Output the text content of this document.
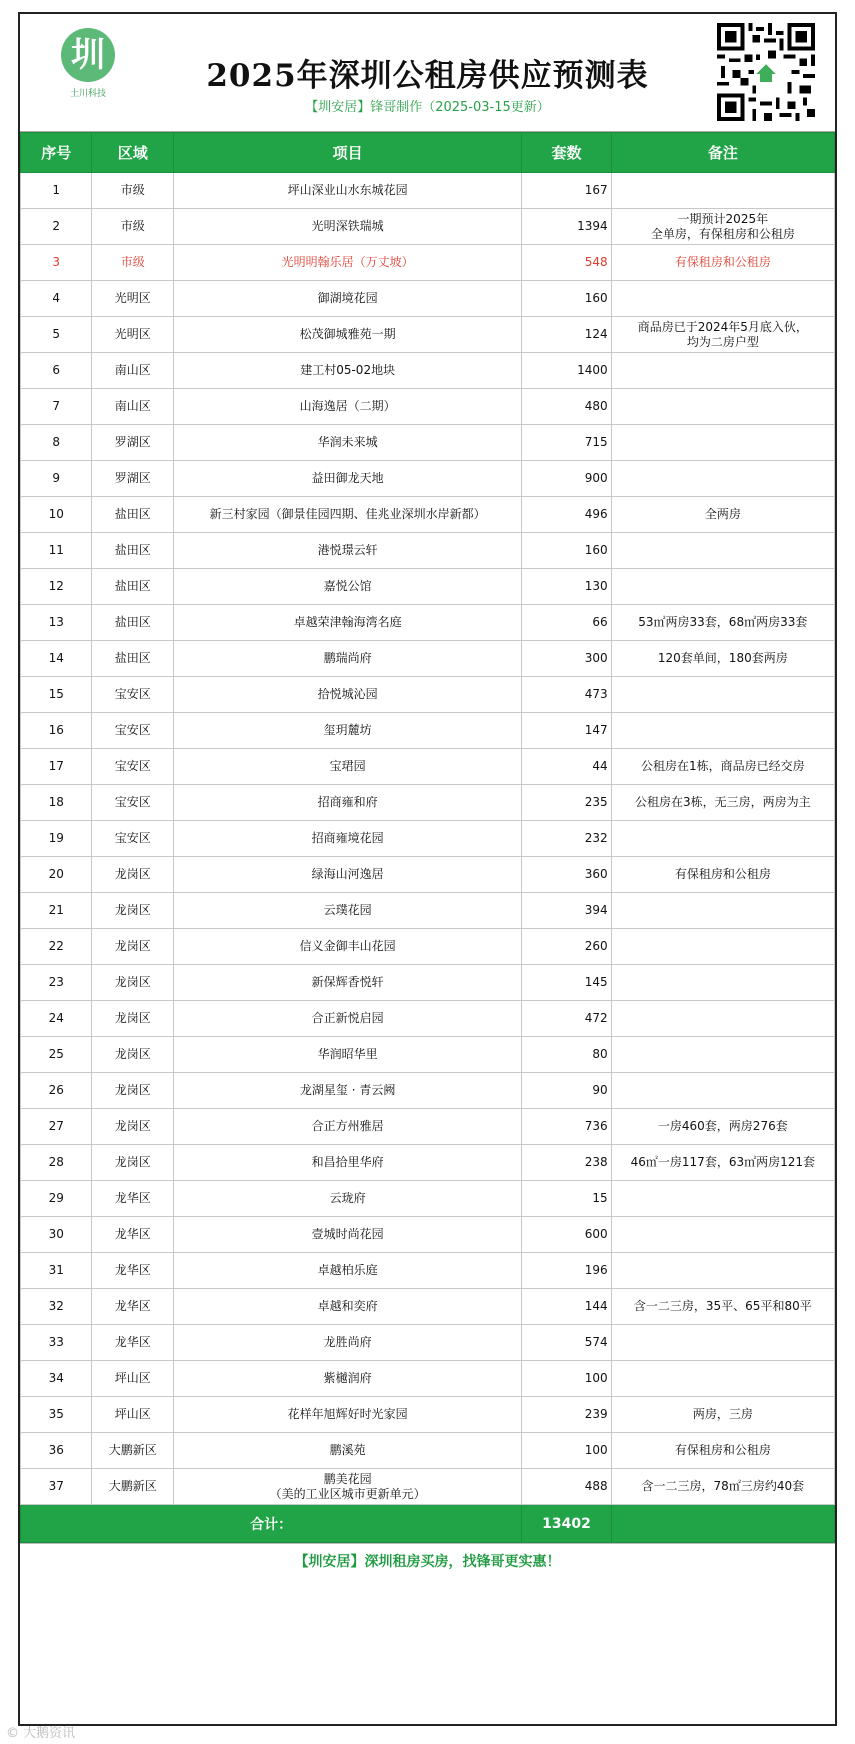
圳
土川科技	2025年深圳公租房供应预测表
【圳安居】锋哥制作（2025-03-15更新）
序号	区域	项目	套数	备注
1	市级	坪山深业山水东城花园	167	
2	市级	光明深铁瑞城	1394	一期预计2025年
全单房，有保租房和公租房
3	市级	光明明翰乐居（万丈坡）	548	有保租房和公租房
4	光明区	御湖境花园	160	
5	光明区	松茂御城雅苑一期	124	商品房已于2024年5月底入伙，
均为二房户型
6	南山区	建工村05-02地块	1400	
7	南山区	山海逸居（二期）	480	
8	罗湖区	华润未来城	715	
9	罗湖区	益田御龙天地	900	
10	盐田区	新三村家园（御景佳园四期、佳兆业深圳水岸新都）	496	全两房
11	盐田区	港悦璟云轩	160	
12	盐田区	嘉悦公馆	130	
13	盐田区	卓越荣津翰海湾名庭	66	53㎡两房33套，68㎡两房33套
14	盐田区	鹏瑞尚府	300	120套单间，180套两房
15	宝安区	拾悦城沁园	473	
16	宝安区	玺玥麓坊	147	
17	宝安区	宝珺园	44	公租房在1栋，商品房已经交房
18	宝安区	招商雍和府	235	公租房在3栋，无三房，两房为主
19	宝安区	招商雍境花园	232	
20	龙岗区	绿海山河逸居	360	有保租房和公租房
21	龙岗区	云璞花园	394	
22	龙岗区	信义金御丰山花园	260	
23	龙岗区	新保辉香悦轩	145	
24	龙岗区	合正新悦启园	472	
25	龙岗区	华润昭华里	80	
26	龙岗区	龙湖星玺 · 青云阙	90	
27	龙岗区	合正方州雅居	736	一房460套，两房276套
28	龙岗区	和昌拾里华府	238	46㎡一房117套，63㎡两房121套
29	龙华区	云珑府	15	
30	龙华区	壹城时尚花园	600	
31	龙华区	卓越柏乐庭	196	
32	龙华区	卓越和奕府	144	含一二三房，35平、65平和80平
33	龙华区	龙胜尚府	574	
34	坪山区	紫樾润府	100	
35	坪山区	花样年旭辉好时光家园	239	两房，三房
36	大鹏新区	鹏溪苑	100	有保租房和公租房
37	大鹏新区	鹏美花园
（美的工业区城市更新单元）	488	含一二三房，78㎡三房约40套
合计：			13402	
【圳安居】深圳租房买房，找锋哥更实惠！
© 大鹅资讯
